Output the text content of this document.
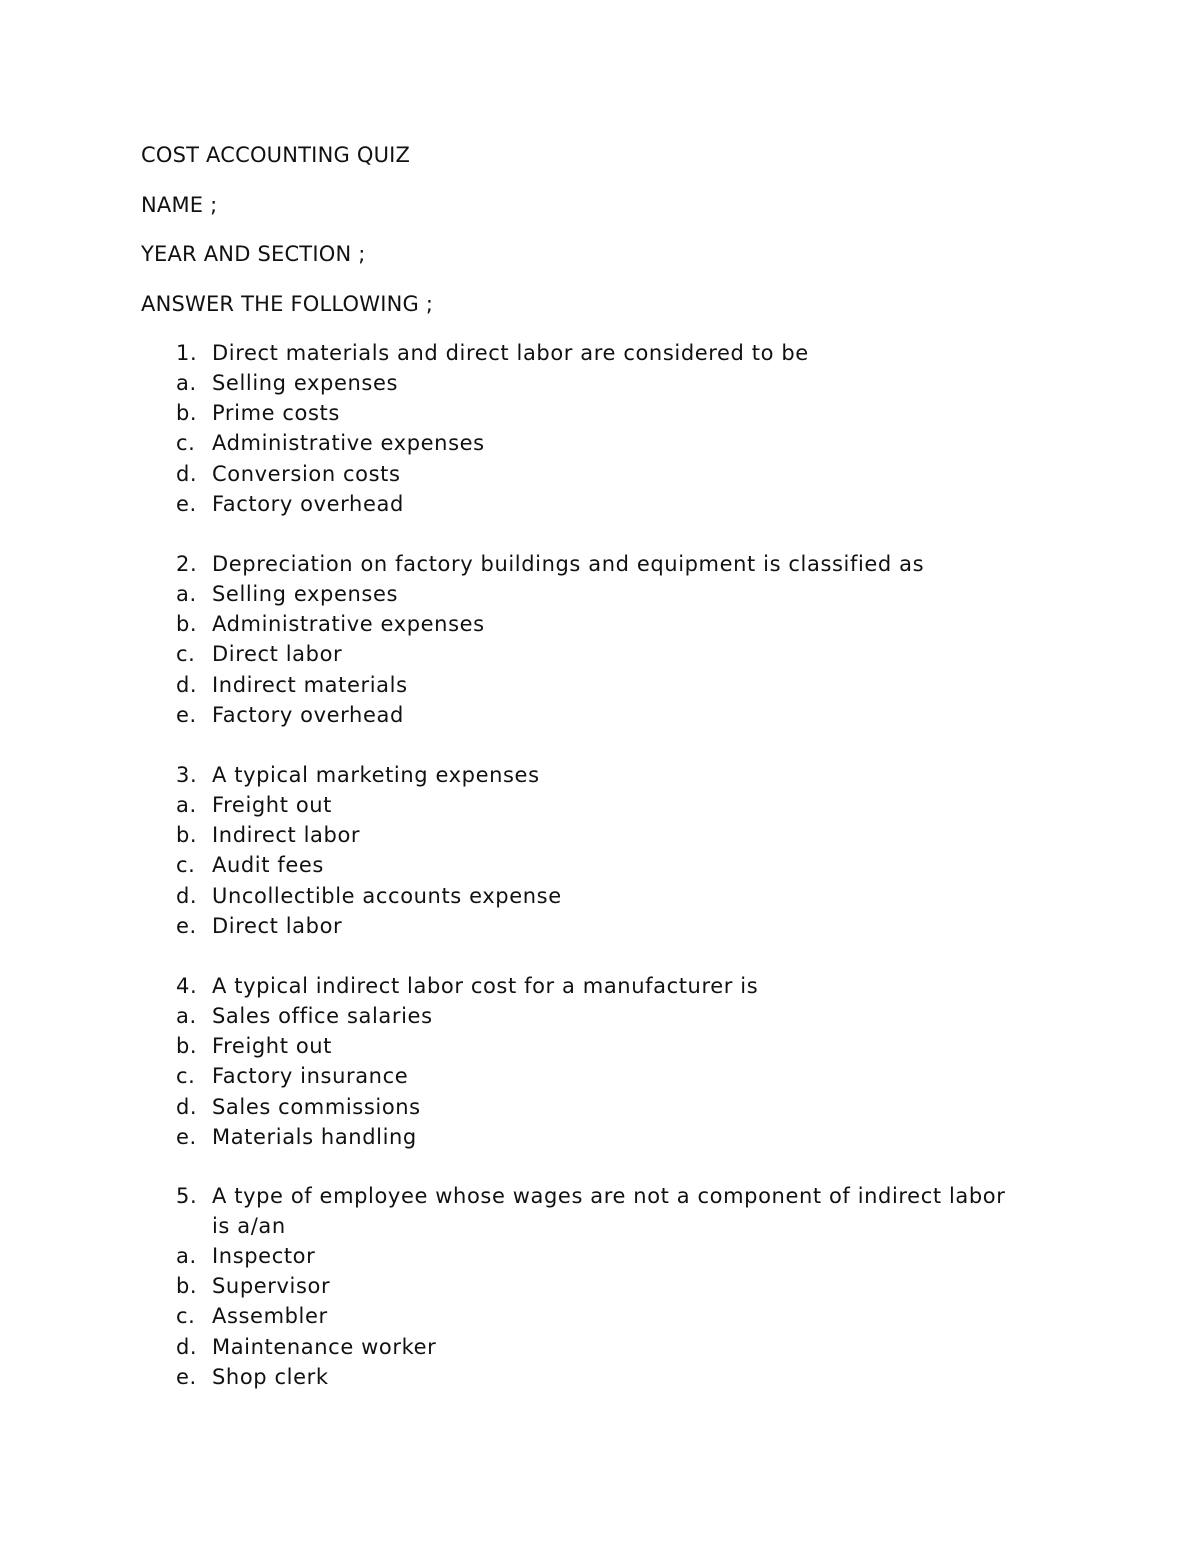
COST ACCOUNTING QUIZ
NAME ;
YEAR AND SECTION ;
ANSWER THE FOLLOWING ;
1. Direct materials and direct labor are considered to be
a. Selling expenses
b. Prime costs
c. Administrative expenses
d. Conversion costs
e. Factory overhead
2. Depreciation on factory buildings and equipment is classified as
a. Selling expenses
b. Administrative expenses
c. Direct labor
d. Indirect materials
e. Factory overhead
3. A typical marketing expenses
a. Freight out
b. Indirect labor
c. Audit fees
d. Uncollectible accounts expense
e. Direct labor
4. A typical indirect labor cost for a manufacturer is
a. Sales office salaries
b. Freight out
c. Factory insurance
d. Sales commissions
e. Materials handling
5. A type of employee whose wages are not a component of indirect labor is a/an
a. Inspector
b. Supervisor
c. Assembler
d. Maintenance worker
e. Shop clerk
